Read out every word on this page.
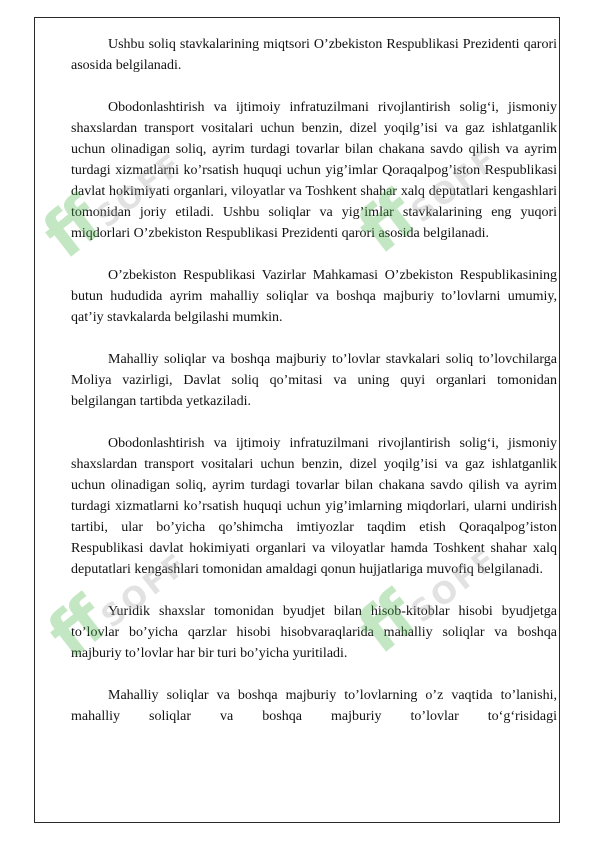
Ushbu soliq stavkalarining miqtsori O’zbekiston Respublikasi Prezidenti qarori asosida belgilanadi.

Obodonlashtirish va ijtimoiy infratuzilmani rivojlantirish solig‘i, jismoniy shaxslardan transport vositalari uchun benzin, dizel yoqilg’isi va gaz ishlatganlik uchun olinadigan soliq, ayrim turdagi tovarlar bilan chakana savdo qilish va ayrim turdagi xizmatlarni ko’rsatish huquqi uchun yig’imlar Qoraqalpog’iston Respublikasi davlat hokimiyati organlari, viloyatlar va Toshkent shahar xalq deputatlari kengashlari tomonidan joriy etiladi. Ushbu soliqlar va yig’imlar stavkalarining eng yuqori miqdorlari O’zbekiston Respublikasi Prezidenti qarori asosida belgilanadi.

O’zbekiston Respublikasi Vazirlar Mahkamasi O’zbekiston Respublikasining butun hududida ayrim mahalliy soliqlar va boshqa majburiy to’lovlarni umumiy, qat’iy stavkalarda belgilashi mumkin.

Mahalliy soliqlar va boshqa majburiy to’lovlar stavkalari soliq to’lovchilarga Moliya vazirligi, Davlat soliq qo’mitasi va uning quyi organlari tomonidan belgilangan tartibda yetkaziladi.

Obodonlashtirish va ijtimoiy infratuzilmani rivojlantirish solig‘i, jismoniy shaxslardan transport vositalari uchun benzin, dizel yoqilg’isi va gaz ishlatganlik uchun olinadigan soliq, ayrim turdagi tovarlar bilan chakana savdo qilish va ayrim turdagi xizmatlarni ko’rsatish huquqi uchun yig’imlarning miqdorlari, ularni undirish tartibi, ular bo’yicha qo’shimcha imtiyozlar taqdim etish Qoraqalpog’iston Respublikasi davlat hokimiyati organlari va viloyatlar hamda Toshkent shahar xalq deputatlari kengashlari tomonidan amaldagi qonun hujjatlariga muvofiq belgilanadi.

Yuridik shaxslar tomonidan byudjet bilan hisob-kitoblar hisobi byudjetga to’lovlar bo’yicha qarzlar hisobi hisobvaraqlarida mahalliy soliqlar va boshqa majburiy to’lovlar har bir turi bo’yicha yuritiladi.

Mahalliy soliqlar va boshqa majburiy to’lovlarning o’z vaqtida to’lanishi, mahalliy soliqlar va boshqa majburiy to’lovlar to‘g‘risidagi

ffSOFF ffSOFF
ffSOFF ffSOFF
